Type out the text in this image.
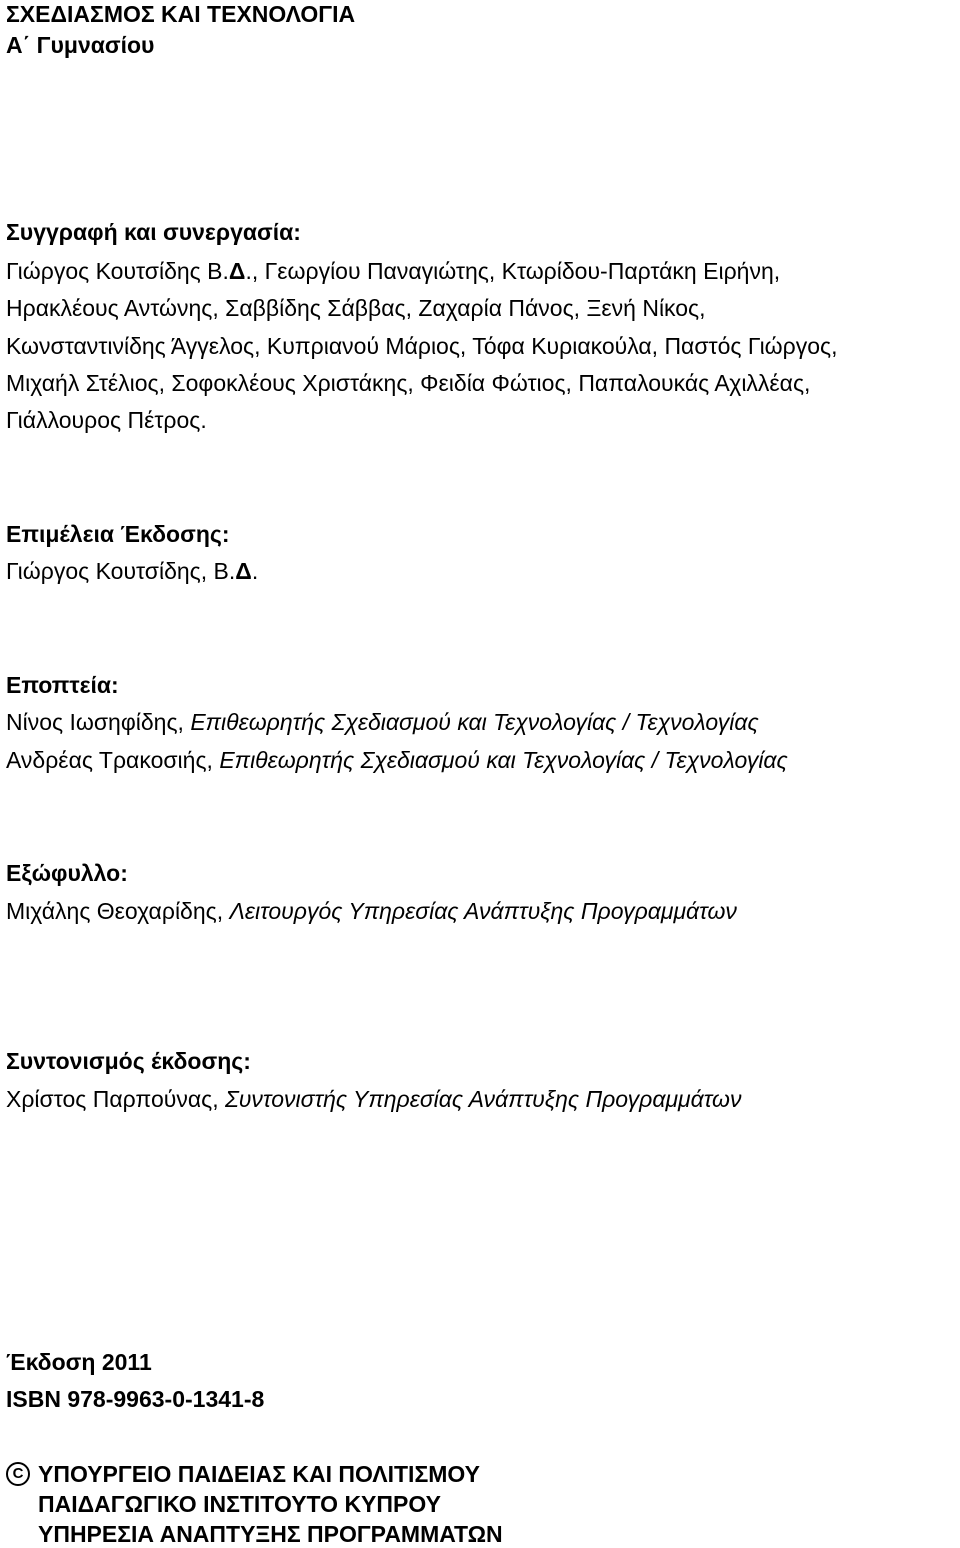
ΣΧΕΔΙΑΣΜΟΣ ΚΑΙ ΤΕΧΝΟΛΟΓΙΑ

Α΄ Γυμνασίου

Συγγραφή και συνεργασία:

Γιώργος Κουτσίδης Β.Δ., Γεωργίου Παναγιώτης, Κτωρίδου-Παρτάκη Ειρήνη,

Ηρακλέους Αντώνης, Σαββίδης Σάββας, Ζαχαρία Πάνος, Ξενή Νίκος,

Κωνσταντινίδης Άγγελος, Κυπριανού Μάριος, Τόφα Κυριακούλα, Παστός Γιώργος,

Μιχαήλ Στέλιος, Σοφοκλέους Χριστάκης, Φειδία Φώτιος, Παπαλουκάς Αχιλλέας,

Γιάλλουρος Πέτρος.

Επιμέλεια Έκδοσης:

Γιώργος Κουτσίδης, Β.Δ.

Εποπτεία:

Νίνος Ιωσηφίδης, Επιθεωρητής Σχεδιασμού και Τεχνολογίας / Τεχνολογίας

Ανδρέας Τρακοσιής, Επιθεωρητής Σχεδιασμού και Τεχνολογίας / Τεχνολογίας

Εξώφυλλο:

Μιχάλης Θεοχαρίδης, Λειτουργός Υπηρεσίας Ανάπτυξης Προγραμμάτων

Συντονισμός έκδοσης:

Χρίστος Παρπούνας, Συντονιστής Υπηρεσίας Ανάπτυξης Προγραμμάτων

Έκδοση 2011

ISBN 978-9963-0-1341-8

C ΥΠΟΥΡΓΕΙΟ ΠΑΙΔΕΙΑΣ ΚΑΙ ΠΟΛΙΤΙΣΜΟΥ

ΠΑΙΔΑΓΩΓΙΚΟ ΙΝΣΤΙΤΟΥΤΟ ΚΥΠΡΟΥ

ΥΠΗΡΕΣΙΑ ΑΝΑΠΤΥΞΗΣ ΠΡΟΓΡΑΜΜΑΤΩΝ
